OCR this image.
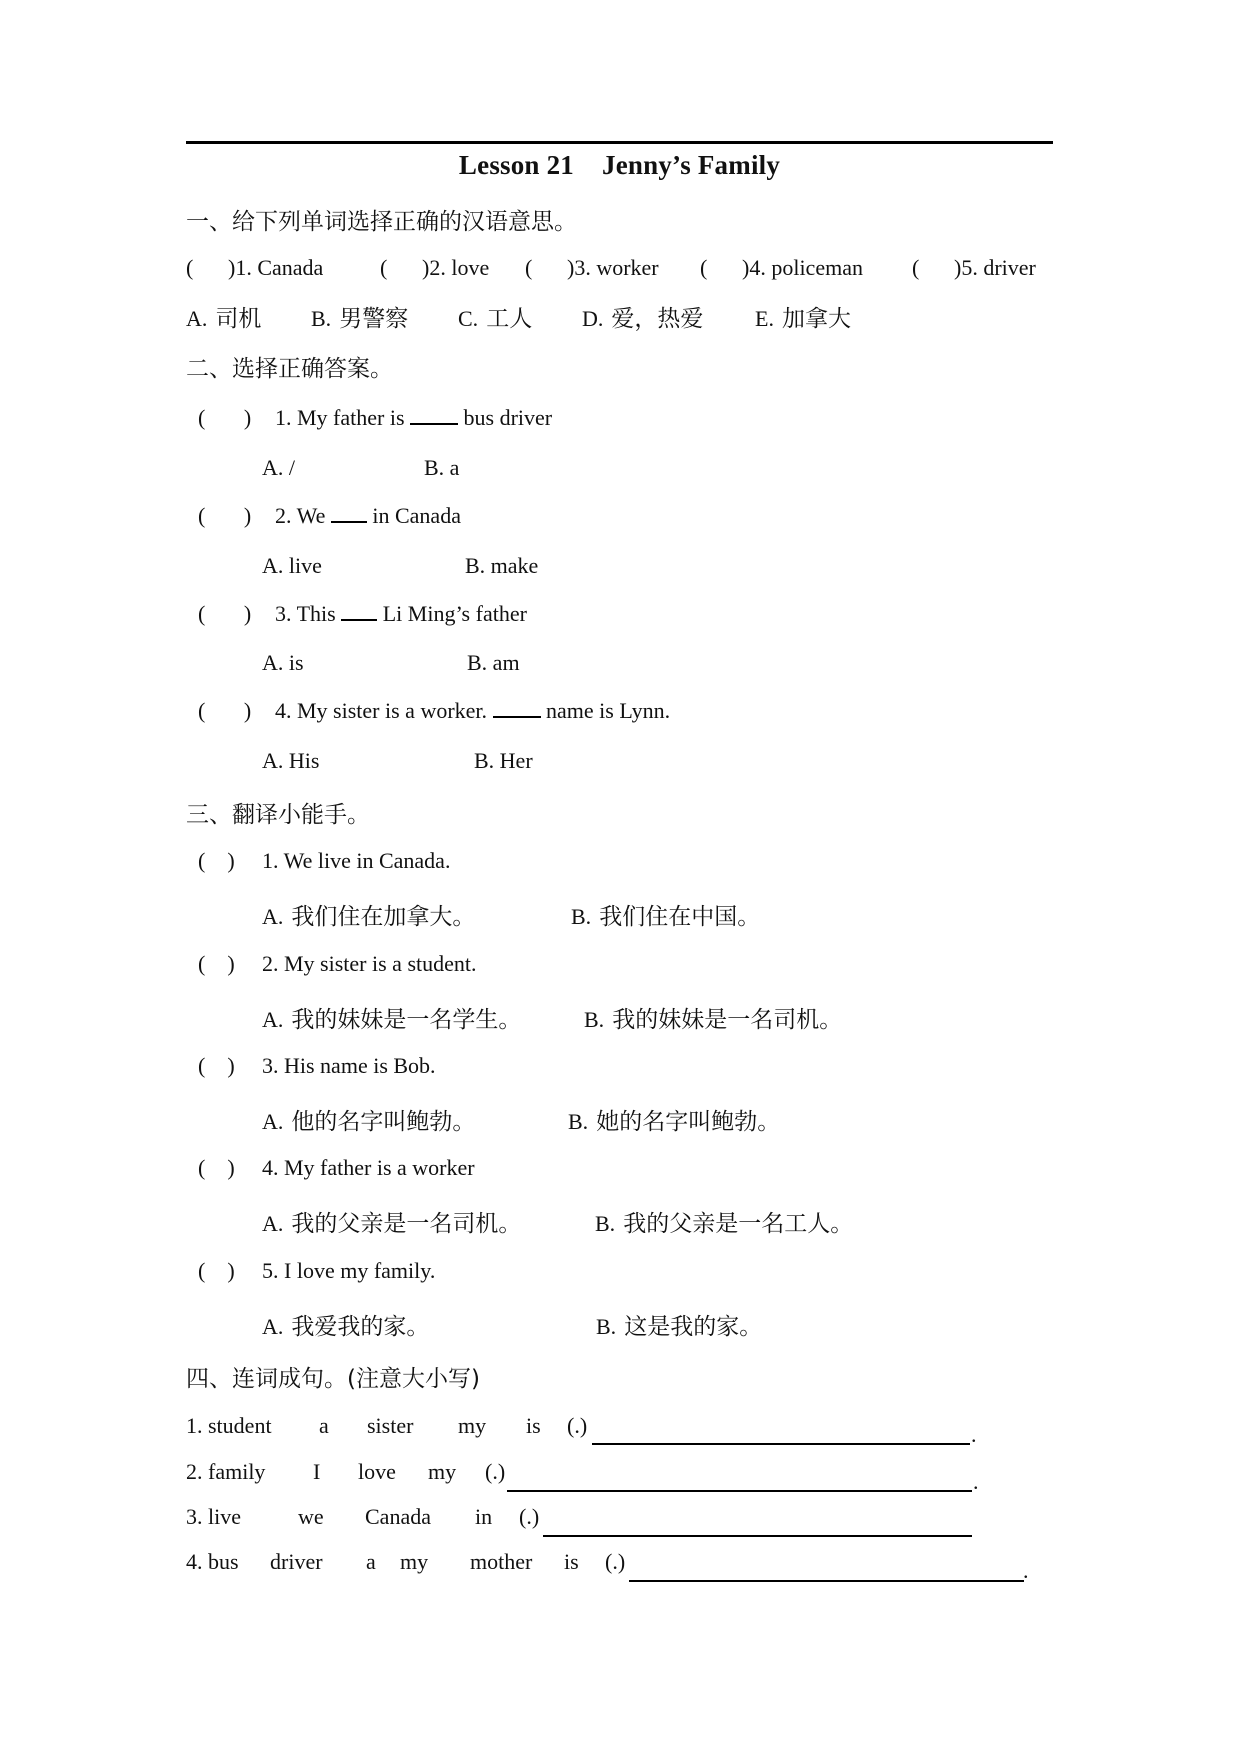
Lesson 21 Jenny’s Family
一、给下列单词选择正确的汉语意思。
( )1. Canada	( )2. love ( )3. worker ( )4. policeman ( )5. driver
A. 司机 B. 男警察 C. 工人 D. 爱，热爱 E. 加拿大
二、选择正确答案。
(       ) 1. My father is	bus driver
A. /	B. a
(       ) 2. We in Canada
A. live	B. make
(       ) 3. This Li Ming’s father
A. is	B. am
(       ) 4. My sister is a worker.	name is Lynn.
A. His	B. Her
三、翻译小能手。
(    ) 1. We live in Canada.
A. 我们住在加拿大。	B. 我们住在中国。
(    ) 2. My sister is a student.
A. 我的妹妹是一名学生。	B. 我的妹妹是一名司机。
(    ) 3. His name is Bob.
A. 他的名字叫鲍勃。	B. 她的名字叫鲍勃。
(    ) 4. My father is a worker
A. 我的父亲是一名司机。	B. 我的父亲是一名工人。
(    ) 5. I love my family.
A. 我爱我的家。	B. 这是我的家。
四、连词成句。(注意大小写)
1. student a sister my is (.)	.
2. family I love my (.)	.
3. live	we Canada in (.)
4. bus driver a my mother is (.)	.
